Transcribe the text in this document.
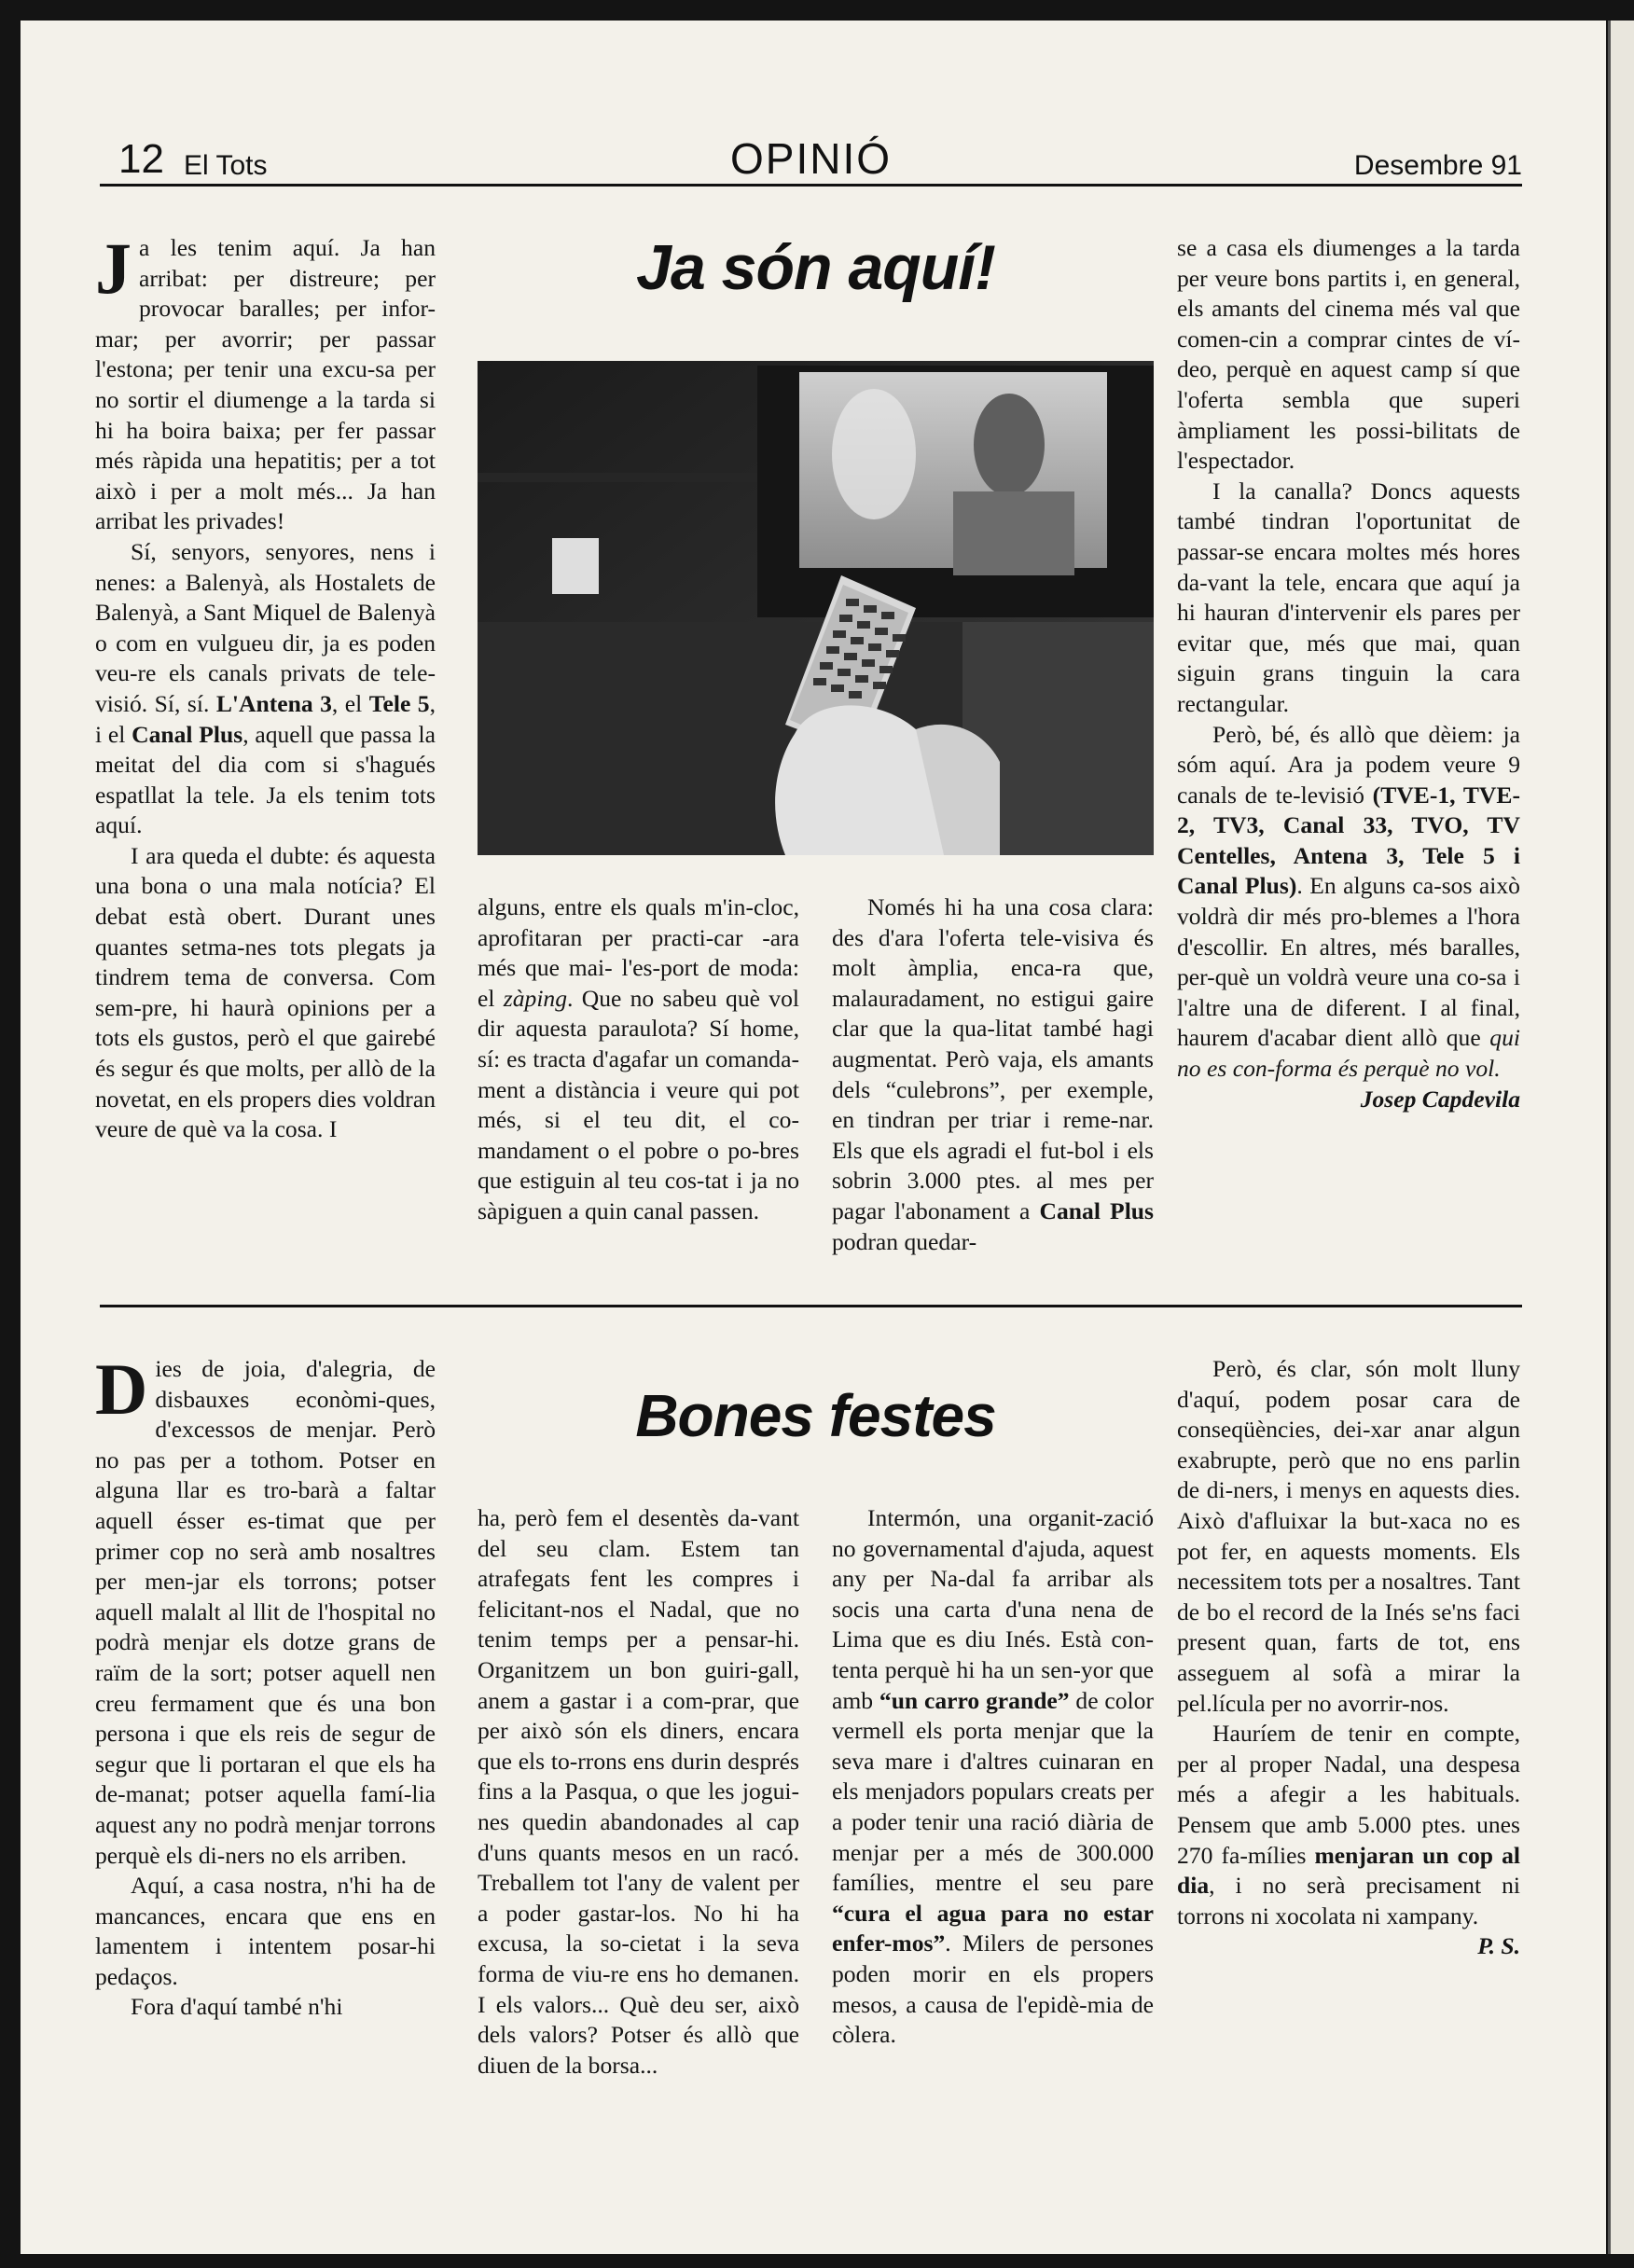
12 El Tots	OPINIÓ	Desembre 91
Ja són aquí!

Ja les tenim aquí. Ja han arribat: per distreure; per provocar baralles; per infor-mar; per avorrir; per passar l'estona; per tenir una excu-sa per no sortir el diumenge a la tarda si hi ha boira baixa; per fer passar més ràpida una hepatitis; per a tot això i per a molt més... Ja han arribat les privades!

Sí, senyors, senyores, nens i nenes: a Balenyà, als Hostalets de Balenyà, a Sant Miquel de Balenyà o com en vulgueu dir, ja es poden veu-re els canals privats de tele-visió. Sí, sí. L'Antena 3, el Tele 5, i el Canal Plus, aquell que passa la meitat del dia com si s'hagués espatllat la tele. Ja els tenim tots aquí.

I ara queda el dubte: és aquesta una bona o una mala notícia? El debat està obert. Durant unes quantes setma-nes tots plegats ja tindrem tema de conversa. Com sem-pre, hi haurà opinions per a tots els gustos, però el que gairebé és segur és que molts, per allò de la novetat, en els propers dies voldran veure de què va la cosa. I

alguns, entre els quals m'in-cloc, aprofitaran per practi-car -ara més que mai- l'es-port de moda: el zàping. Que no sabeu què vol dir aquesta paraulota? Sí home, sí: es tracta d'agafar un comanda-ment a distància i veure qui pot més, si el teu dit, el co-mandament o el pobre o po-bres que estiguin al teu cos-tat i ja no sàpiguen a quin canal passen.

Només hi ha una cosa clara: des d'ara l'oferta tele-visiva és molt àmplia, enca-ra que, malauradament, no estigui gaire clar que la qua-litat també hagi augmentat. Però vaja, els amants dels “culebrons”, per exemple, en tindran per triar i reme-nar. Els que els agradi el fut-bol i els sobrin 3.000 ptes. al mes per pagar l'abonament a Canal Plus podran quedar-

se a casa els diumenges a la tarda per veure bons partits i, en general, els amants del cinema més val que comen-cin a comprar cintes de ví-deo, perquè en aquest camp sí que l'oferta sembla que superi àmpliament les possi-bilitats de l'espectador.

I la canalla? Doncs aquests també tindran l'oportunitat de passar-se encara moltes més hores da-vant la tele, encara que aquí ja hi hauran d'intervenir els pares per evitar que, més que mai, quan siguin grans tinguin la cara rectangular.

Però, bé, és allò que dèiem: ja sóm aquí. Ara ja podem veure 9 canals de te-levisió (TVE-1, TVE-2, TV3, Canal 33, TVO, TV Centelles, Antena 3, Tele 5 i Canal Plus). En alguns ca-sos això voldrà dir més pro-blemes a l'hora d'escollir. En altres, més baralles, per-què un voldrà veure una co-sa i l'altre una de diferent. I al final, haurem d'acabar dient allò que qui no es con-forma és perquè no vol.

Josep Capdevila
Bones festes

Dies de joia, d'alegria, de disbauxes econòmi-ques, d'excessos de menjar. Però no pas per a tothom. Potser en alguna llar es tro-barà a faltar aquell ésser es-timat que per primer cop no serà amb nosaltres per men-jar els torrons; potser aquell malalt al llit de l'hospital no podrà menjar els dotze grans de raïm de la sort; potser aquell nen creu fermament que és una bon persona i que els reis de segur de segur que li portaran el que els ha de-manat; potser aquella famí-lia aquest any no podrà menjar torrons perquè els di-ners no els arriben.

Aquí, a casa nostra, n'hi ha de mancances, encara que ens en lamentem i intentem posar-hi pedaços.

Fora d'aquí també n'hi

ha, però fem el desentès da-vant del seu clam. Estem tan atrafegats fent les compres i felicitant-nos el Nadal, que no tenim temps per a pensar-hi. Organitzem un bon guiri-gall, anem a gastar i a com-prar, que per això són els diners, encara que els to-rrons ens durin després fins a la Pasqua, o que les jogui-nes quedin abandonades al cap d'uns quants mesos en un racó. Treballem tot l'any de valent per a poder gastar-los. No hi ha excusa, la so-cietat i la seva forma de viu-re ens ho demanen. I els valors... Què deu ser, això dels valors? Potser és allò que diuen de la borsa...

Intermón, una organit-zació no governamental d'ajuda, aquest any per Na-dal fa arribar als socis una carta d'una nena de Lima que es diu Inés. Està con-tenta perquè hi ha un sen-yor que amb “un carro grande” de color vermell els porta menjar que la seva mare i d'altres cuinaran en els menjadors populars creats per a poder tenir una ració diària de menjar per a més de 300.000 famílies, mentre el seu pare “cura el agua para no estar enfer-mos”. Milers de persones poden morir en els propers mesos, a causa de l'epidè-mia de còlera.

Però, és clar, són molt lluny d'aquí, podem posar cara de conseqüències, dei-xar anar algun exabrupte, però que no ens parlin de di-ners, i menys en aquests dies. Això d'afluixar la but-xaca no es pot fer, en aquests moments. Els necessitem tots per a nosaltres. Tant de bo el record de la Inés se'ns faci present quan, farts de tot, ens asseguem al sofà a mirar la pel.lícula per no avorrir-nos.

Hauríem de tenir en compte, per al proper Nadal, una despesa més a afegir a les habituals. Pensem que amb 5.000 ptes. unes 270 fa-mílies menjaran un cop al dia, i no serà precisament ni torrons ni xocolata ni xampany.

P. S.
